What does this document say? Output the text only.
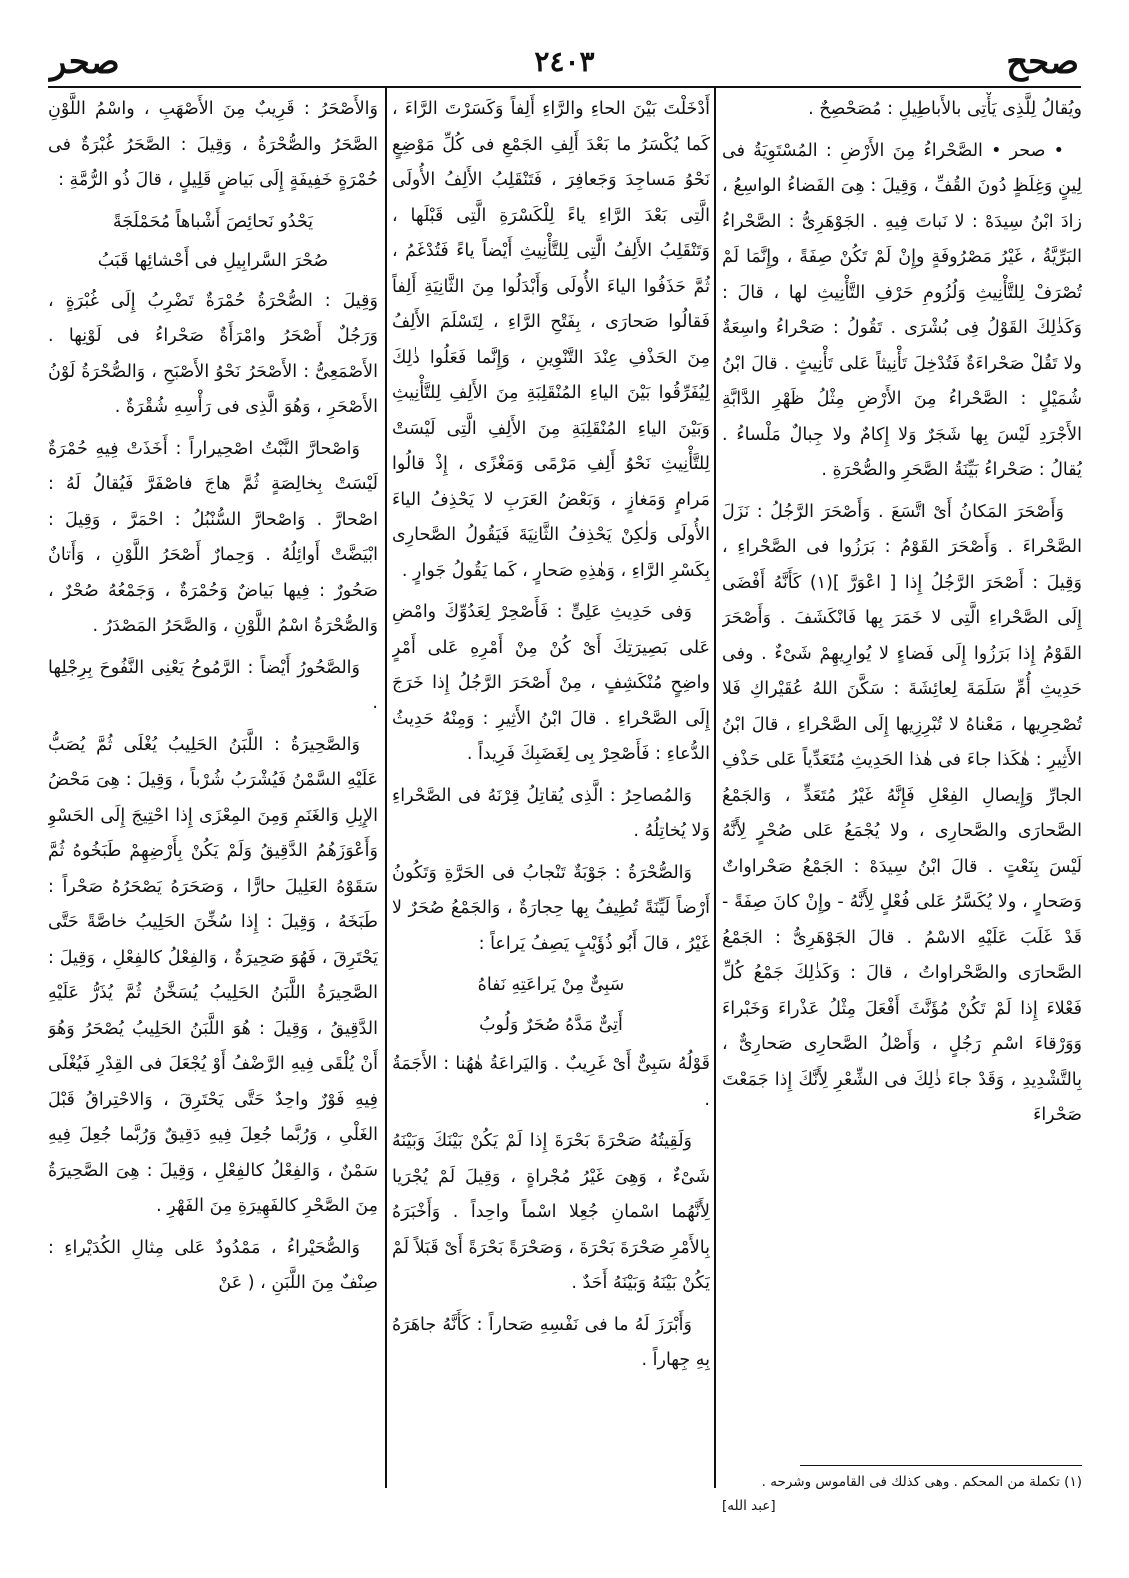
صحح
٢٤٠٣
صحر

ويُقالُ لِلَّذِى يَأْتِى بالأَباطِيلِ : مُصَحْصِحٌ .

• صحر • الصَّحْراءُ مِنَ الأَرْضِ : المُسْتَوِيَةُ فى لِينٍ وَغِلَظٍ دُونَ القُفِّ ، وَقِيلَ : هِىَ الفَضاءُ الواسِعُ ، زادَ ابْنُ سِيدَهْ : لا نَباتَ فِيهِ . الجَوْهَرِىُّ : الصَّحْراءُ البَرِّيَّةُ ، غَيْرُ مَصْرُوفَةٍ وإِنْ لَمْ تَكُنْ صِفَةً ، وإِنَّمَا لَمْ تُصْرَفْ لِلتَّأْنِيثِ وَلُزُومِ حَرْفِ التَّأْنِيثِ لها ، قالَ : وَكَذٰلِكَ القَوْلُ فِى بُشْرَى . تَقُولُ : صَحْراءُ واسِعَةٌ ولا تَقُلْ صَحْراءَةٌ فَتُدْخِلَ تَأْنِيثاً عَلى تَأْنِيثٍ . قالَ ابْنُ شُمَيْلٍ : الصَّحْراءُ مِنَ الأَرْضِ مِثْلُ ظَهْرِ الدَّابَّةِ الأَجْرَدِ لَيْسَ بِها شَجَرٌ وَلا إِكامٌ ولا جِبالٌ مَلْساءُ . يُقالُ : صَحْراءُ بَيِّنَةُ الصَّحَرِ والصُّحْرَةِ .

وَأَصْحَرَ المَكانُ أَىْ اتَّسَعَ . وَأَصْحَرَ الرَّجُلُ : نَزَلَ الصَّحْراءَ . وَأَصْحَرَ القَوْمُ : بَرَزُوا فى الصَّحْراءِ ، وَقِيلَ : أَصْحَرَ الرَّجُلُ إِذا [ اعْوَرَّ ](١) كَأَنَّهُ أَفْضَى إِلَى الصَّحْراءِ الَّتِى لا خَمَرَ بِها فَانْكَشَفَ . وَأَصْحَرَ القَوْمُ إِذا بَرَزُوا إِلَى فَضاءٍ لا يُوارِيهِمْ شَىْءٌ . وفى حَدِيثِ أُمِّ سَلَمَةَ لِعائِشَةَ : سَكَّنَ اللهُ عُقَيْراكِ فَلا تُصْحِرِيها ، مَعْناهُ لا تُبْرِزِيها إِلَى الصَّحْراءِ ، قالَ ابْنُ الأَثِيرِ : هٰكَذا جاءَ فى هٰذا الحَدِيثِ مُتَعَدِّياً عَلى حَذْفِ الجارِّ وَإِيصالِ الفِعْلِ فَإِنَّهُ غَيْرُ مُتَعَدٍّ ، وَالجَمْعُ الصَّحارَى والصَّحارِى ، ولا يُجْمَعُ عَلى صُحْرٍ لِأَنَّهُ لَيْسَ بِنَعْتٍ . قالَ ابْنُ سِيدَهْ : الجَمْعُ صَحْراواتٌ وَصَحارٍ ، ولا يُكَسَّرُ عَلى فُعْلٍ لِأَنَّهُ - وإِنْ كانَ صِفَةً - قَدْ غَلَبَ عَلَيْهِ الاسْمُ . قالَ الجَوْهَرِىُّ : الجَمْعُ الصَّحارَى والصَّحْراواتُ ، قالَ : وَكَذٰلِكَ جَمْعُ كُلِّ فَعْلاءَ إِذا لَمْ تَكُنْ مُؤَنَّثَ أَفْعَلَ مِثْلُ عَذْراءَ وَخَبْراءَ وَوَرْقاءَ اسْمِ رَجُلٍ ، وَأَصْلُ الصَّحارِى صَحارِىٌّ ، بِالتَّشْدِيدِ ، وَقَدْ جاءَ ذٰلِكَ فى الشِّعْرِ لِأَنَّكَ إِذا جَمَعْتَ صَحْراءَ

(١) تكملة من المحكم . وهى كذلك فى القاموس وشرحه .
[عبد الله]

أَدْخَلْتَ بَيْنَ الحاءِ والرَّاءِ أَلِفاً وَكَسَرْتَ الرَّاءَ ، كَما يُكْسَرُ ما بَعْدَ أَلِفِ الجَمْعِ فى كُلِّ مَوْضِعٍ نَحْوُ مَساجِدَ وَجَعافِرَ ، فَتَنْقَلِبُ الأَلِفُ الأُولَى الَّتِى بَعْدَ الرَّاءِ ياءً لِلْكَسْرَةِ الَّتِى قَبْلَها ، وَتَنْقَلِبُ الأَلِفُ الَّتِى لِلتَّأْنِيثِ أَيْضاً ياءً فَتُدْغَمُ ، ثُمَّ حَذَفُوا الياءَ الأُولَى وَأَبْدَلُوا مِنَ الثَّانِيَةِ أَلِفاً فَقالُوا صَحارَى ، بِفَتْحِ الرَّاءِ ، لِتَسْلَمَ الأَلِفُ مِنَ الحَذْفِ عِنْدَ التَّنْوِينِ ، وَإِنَّما فَعَلُوا ذٰلِكَ لِيُفَرِّقُوا بَيْنَ الياءِ المُنْقَلِبَةِ مِنَ الأَلِفِ لِلتَّأْنِيثِ وَبَيْنَ الياءِ المُنْقَلِبَةِ مِنَ الأَلِفِ الَّتِى لَيْسَتْ لِلتَّأْنِيثِ نَحْوُ أَلِفِ مَرْمًى وَمَغْزًى ، إِذْ قالُوا مَرامٍ وَمَغازٍ ، وَبَعْضُ العَرَبِ لا يَحْذِفُ الياءَ الأُولَى وَلٰكِنْ يَحْذِفُ الثَّانِيَةَ فَيَقُولُ الصَّحارِى بِكَسْرِ الرَّاءِ ، وَهٰذِهِ صَحارٍ ، كَما يَقُولُ جَوارٍ .

وَفى حَدِيثِ عَلِىٍّ : فَأَصْحِرْ لِعَدُوِّكَ وامْضِ عَلى بَصِيرَتِكَ أَىْ كُنْ مِنْ أَمْرِهِ عَلى أَمْرٍ واضِحٍ مُنْكَشِفٍ ، مِنْ أَصْحَرَ الرَّجُلُ إِذا خَرَجَ إِلَى الصَّحْراءِ . قالَ ابْنُ الأَثِيرِ : وَمِنْهُ حَدِيثُ الدُّعاءِ : فَأَصْحِرْ بِى لِغَضَبِكَ فَرِيداً .

وَالمُصاحِرُ : الَّذِى يُقاتِلُ قِرْنَهُ فى الصَّحْراءِ وَلا يُخاتِلُهُ .

وَالصُّحْرَةُ : جَوْبَةٌ تَنْجابُ فى الحَرَّةِ وَتَكُونُ أَرْضاً لَيِّنَةً تُطِيفُ بِها حِجارَةٌ ، وَالجَمْعُ صُحَرٌ لا غَيْرُ ، قالَ أَبُو ذُؤَيْبٍ يَصِفُ يَراعاً :

سَبِىٌّ مِنْ يَراعَتِهِ نَفاهُ
أَتِىٌّ مَدَّهُ صُحَرٌ وَلُوبُ

قَوْلُهُ سَبِىٌّ أَىْ غَرِيبٌ . وَاليَراعَةُ هٰهُنا : الأَجَمَةُ .

وَلَقِيتُهُ صَحْرَةَ بَحْرَةَ إِذا لَمْ يَكُنْ بَيْنَكَ وَبَيْنَهُ شَىْءٌ ، وَهِىَ غَيْرُ مُجْراةٍ ، وَقِيلَ لَمْ يُجْرَيا لِأَنَّهُما اسْمانِ جُعِلا اسْماً واحِداً . وَأَخْبَرَهُ بِالأَمْرِ صَحْرَةَ بَحْرَةَ ، وَصَحْرَةً بَحْرَةً أَىْ قَبَلاً لَمْ يَكُنْ بَيْنَهُ وَبَيْنَهُ أَحَدٌ .

وَأَبْرَزَ لَهُ ما فى نَفْسِهِ صَحاراً : كَأَنَّهُ جاهَرَهُ بِهِ جِهاراً .

وَالأَصْحَرُ : قَرِيبٌ مِنَ الأَصْهَبِ ، واسْمُ اللَّوْنِ الصَّحَرُ والصُّحْرَةُ ، وَقِيلَ : الصَّحَرُ غُبْرَةٌ فى حُمْرَةٍ خَفِيفَةٍ إِلَى بَياضٍ قَلِيلٍ ، قالَ ذُو الرُّمَّةِ :

يَحْدُو نَحائِصَ أَشْباهاً مُحَمْلَجَةً
صُحْرَ السَّرابِيلِ فى أَحْشائِها قَبَبُ

وَقِيلَ : الصُّحْرَةُ حُمْرَةٌ تَضْرِبُ إِلَى غُبْرَةٍ ، وَرَجُلٌ أَصْحَرُ وامْرَأَةٌ صَحْراءُ فى لَوْنِها . الأَصْمَعِىُّ : الأَصْحَرُ نَحْوُ الأَصْبَحِ ، وَالصُّحْرَةُ لَوْنُ الأَصْحَرِ ، وَهُوَ الَّذِى فى رَأْسِهِ شُقْرَةٌ .

وَاصْحارَّ النَّبْتُ اصْحِيراراً : أَخَذَتْ فِيهِ حُمْرَةٌ لَيْسَتْ بِخالِصَةٍ ثُمَّ هاجَ فاصْفَرَّ فَيُقالُ لَهُ : اصْحارَّ . وَاصْحارَّ السُّنْبُلُ : احْمَرَّ ، وَقِيلَ : ابْيَضَّتْ أَوائِلُهُ . وَحِمارٌ أَصْحَرُ اللَّوْنِ ، وَأَتانٌ صَحُورٌ : فِيها بَياضٌ وَحُمْرَةٌ ، وَجَمْعُهُ صُحْرٌ ، وَالصُّحْرَةُ اسْمُ اللَّوْنِ ، وَالصَّحَرُ المَصْدَرُ .

وَالصَّحُورُ أَيْضاً : الرَّمُوحُ يَعْنِى النَّفُوحَ بِرِجْلِها .

وَالصَّحِيرَةُ : اللَّبَنُ الحَلِيبُ يُغْلَى ثُمَّ يُصَبُّ عَلَيْهِ السَّمْنُ فَيُشْرَبُ شُرْباً ، وَقِيلَ : هِىَ مَحْضُ الإِبِلِ وَالغَنَمِ وَمِنَ المِعْزَى إِذا احْتِيجَ إِلَى الحَسْوِ وَأَعْوَزَهُمُ الدَّقِيقُ وَلَمْ يَكُنْ بِأَرْضِهِمْ طَبَخُوهُ ثُمَّ سَقَوْهُ العَلِيلَ حارًّا ، وَصَحَرَهُ يَصْحَرُهُ صَحْراً : طَبَخَهُ ، وَقِيلَ : إِذا سُخِّنَ الحَلِيبُ خاصَّةً حَتَّى يَحْتَرِقَ ، فَهُوَ صَحِيرَةٌ ، وَالفِعْلُ كالفِعْلِ ، وَقِيلَ : الصَّحِيرَةُ اللَّبَنُ الحَلِيبُ يُسَخَّنُ ثُمَّ يُذَرُّ عَلَيْهِ الدَّقِيقُ ، وَقِيلَ : هُوَ اللَّبَنُ الحَلِيبُ يُصْحَرُ وَهُوَ أَنْ يُلْقَى فِيهِ الرَّضْفُ أَوْ يُجْعَلَ فى القِدْرِ فَيُغْلَى فِيهِ فَوْرٌ واحِدٌ حَتَّى يَحْتَرِقَ ، وَالاحْتِراقُ قَبْلَ الغَلْىِ ، وَرُبَّما جُعِلَ فِيهِ دَقِيقٌ وَرُبَّما جُعِلَ فِيهِ سَمْنٌ ، وَالفِعْلُ كالفِعْلِ ، وَقِيلَ : هِىَ الصَّحِيرَةُ مِنَ الصَّحْرِ كالفَهِيرَةِ مِنَ الفَهْرِ .

وَالصُّحَيْراءُ ، مَمْدُودٌ عَلى مِثالِ الكُدَيْراءِ : صِنْفٌ مِنَ اللَّبَنِ ، ( عَنْ
